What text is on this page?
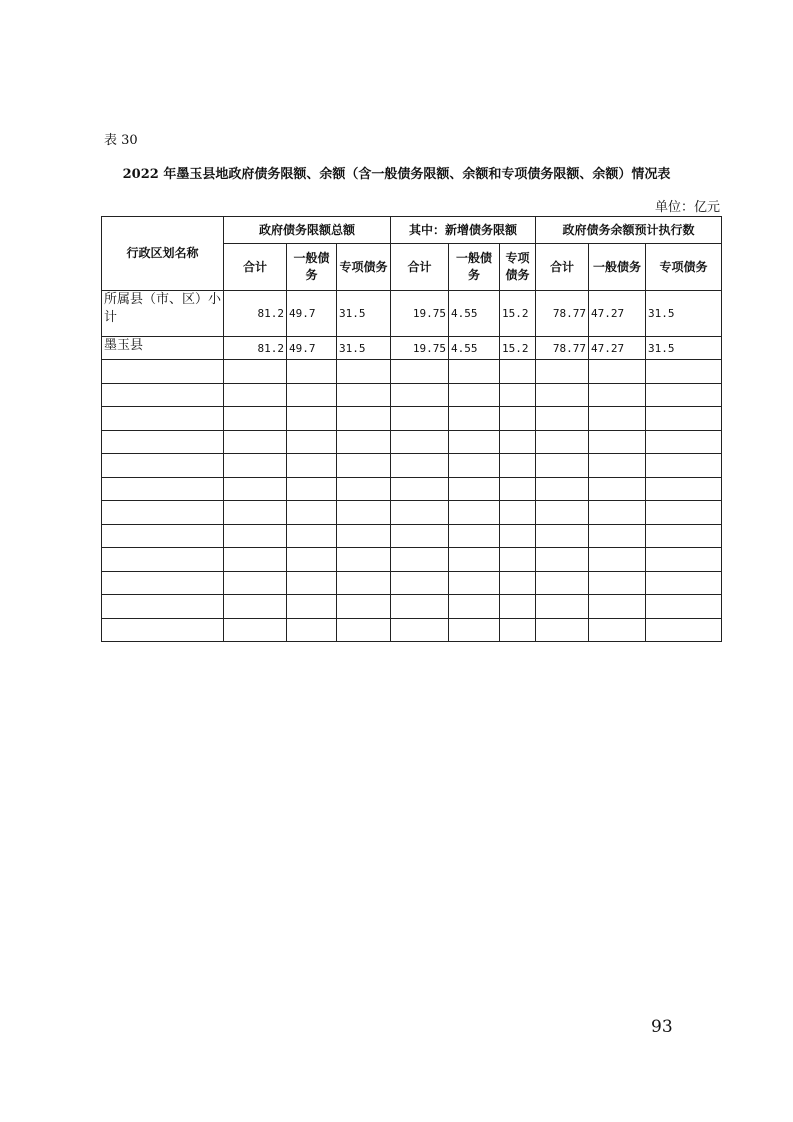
表 30
2022 年墨玉县地政府债务限额、余额（含一般债务限额、余额和专项债务限额、余额）情况表
单位：亿元
行政区划名称	政府债务限额总额			其中：新增债务限额			政府债务余额预计执行数		
	合计	一般债务	专项债务	合计	一般债务	专项债务	合计	一般债务	专项债务
所属县（市、区）小计	81.2	49.7	31.5	19.75	4.55	15.2	78.77	47.27	31.5
墨玉县	81.2	49.7	31.5	19.75	4.55	15.2	78.77	47.27	31.5

93
